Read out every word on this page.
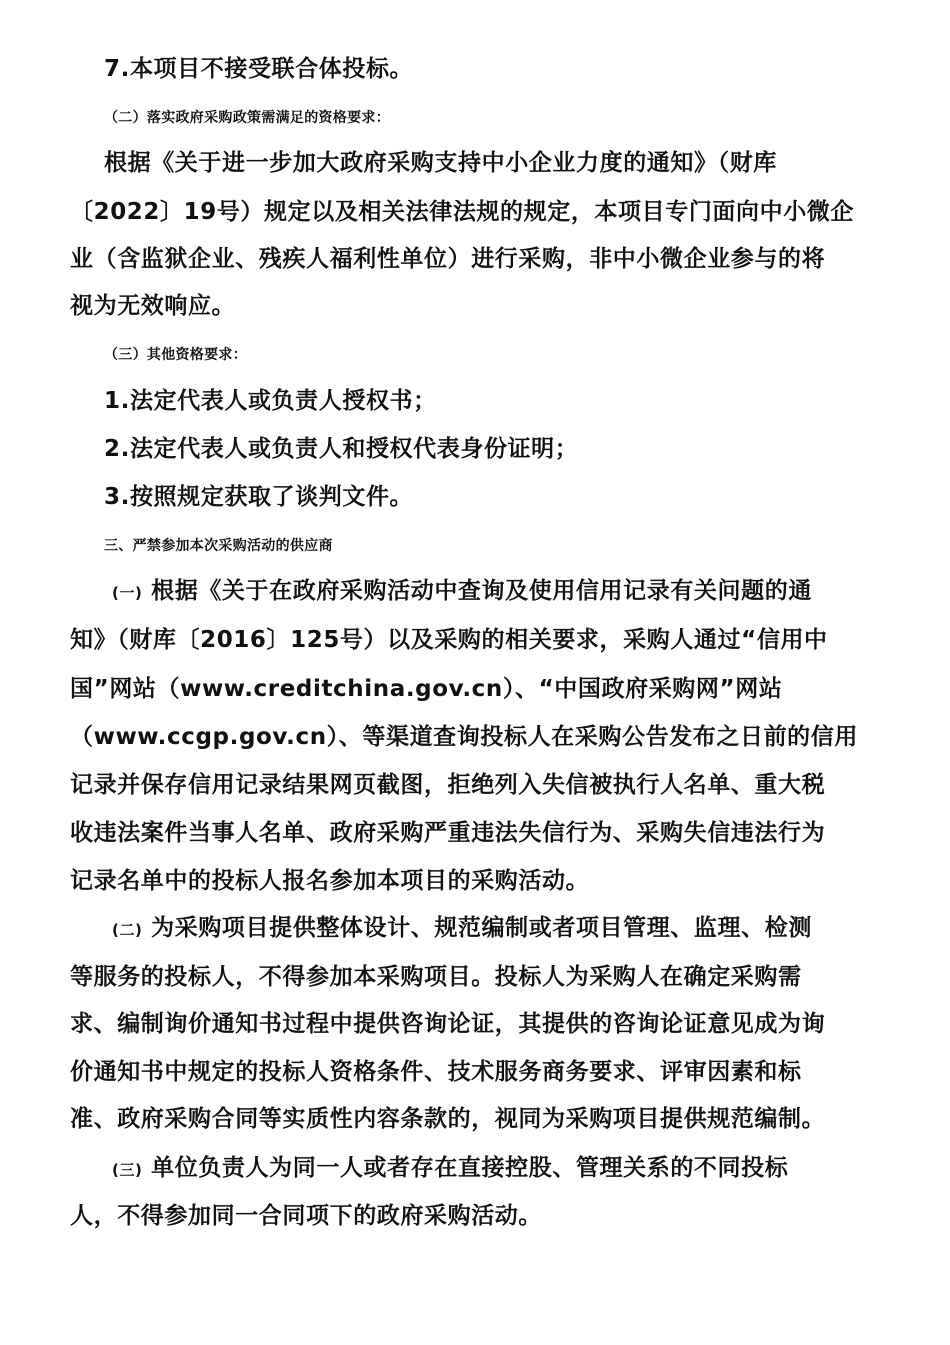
7.本项目不接受联合体投标。
（二）落实政府采购政策需满足的资格要求：
根据《关于进一步加大政府采购支持中小企业力度的通知》（财库
〔2022〕19号）规定以及相关法律法规的规定，本项目专门面向中小微企
业（含监狱企业、残疾人福利性单位）进行采购，非中小微企业参与的将
视为无效响应。
（三）其他资格要求：
1.法定代表人或负责人授权书；
2.法定代表人或负责人和授权代表身份证明；
3.按照规定获取了谈判文件。
三、严禁参加本次采购活动的供应商
(一) 根据《关于在政府采购活动中查询及使用信用记录有关问题的通
知》（财库〔2016〕125号）以及采购的相关要求，采购人通过“信用中
国”网站（www.creditchina.gov.cn）、“中国政府采购网”网站
（www.ccgp.gov.cn）、等渠道查询投标人在采购公告发布之日前的信用
记录并保存信用记录结果网页截图，拒绝列入失信被执行人名单、重大税
收违法案件当事人名单、政府采购严重违法失信行为、采购失信违法行为
记录名单中的投标人报名参加本项目的采购活动。
(二) 为采购项目提供整体设计、规范编制或者项目管理、监理、检测
等服务的投标人，不得参加本采购项目。投标人为采购人在确定采购需
求、编制询价通知书过程中提供咨询论证，其提供的咨询论证意见成为询
价通知书中规定的投标人资格条件、技术服务商务要求、评审因素和标
准、政府采购合同等实质性内容条款的，视同为采购项目提供规范编制。
(三) 单位负责人为同一人或者存在直接控股、管理关系的不同投标
人，不得参加同一合同项下的政府采购活动。
